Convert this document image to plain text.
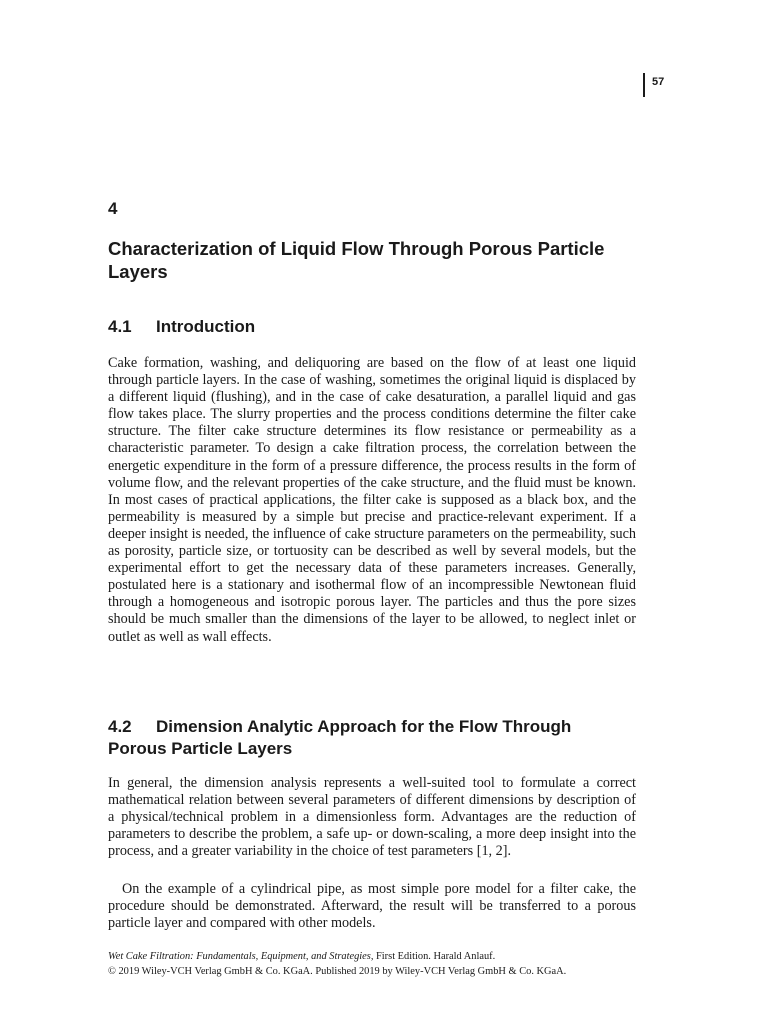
57
4
Characterization of Liquid Flow Through Porous Particle Layers
4.1 Introduction

Cake formation, washing, and deliquoring are based on the flow of at least one liquid through particle layers. In the case of washing, sometimes the original liquid is displaced by a different liquid (flushing), and in the case of cake desaturation, a parallel liquid and gas flow takes place. The slurry properties and the process conditions determine the filter cake structure. The filter cake structure determines its flow resistance or permeability as a characteristic parameter. To design a cake filtration process, the correlation between the energetic expenditure in the form of a pressure difference, the process results in the form of volume flow, and the relevant properties of the cake structure, and the fluid must be known. In most cases of practical applications, the filter cake is supposed as a black box, and the permeability is measured by a simple but precise and practice-relevant experiment. If a deeper insight is needed, the influence of cake structure parameters on the permeability, such as porosity, particle size, or tortuosity can be described as well by several models, but the experimental effort to get the necessary data of these parameters increases. Generally, postulated here is a stationary and isothermal flow of an incompressible Newtonean fluid through a homogeneous and isotropic porous layer. The particles and thus the pore sizes should be much smaller than the dimensions of the layer to be allowed, to neglect inlet or outlet as well as wall effects.

4.2 Dimension Analytic Approach for the Flow Through
Porous Particle Layers

In general, the dimension analysis represents a well-suited tool to formulate a correct mathematical relation between several parameters of different dimensions by description of a physical/technical problem in a dimensionless form. Advantages are the reduction of parameters to describe the problem, a safe up- or down-scaling, a more deep insight into the process, and a greater variability in the choice of test parameters [1, 2].

On the example of a cylindrical pipe, as most simple pore model for a filter cake, the procedure should be demonstrated. Afterward, the result will be transferred to a porous particle layer and compared with other models.

Wet Cake Filtration: Fundamentals, Equipment, and Strategies, First Edition. Harald Anlauf.
© 2019 Wiley-VCH Verlag GmbH & Co. KGaA. Published 2019 by Wiley-VCH Verlag GmbH & Co. KGaA.
